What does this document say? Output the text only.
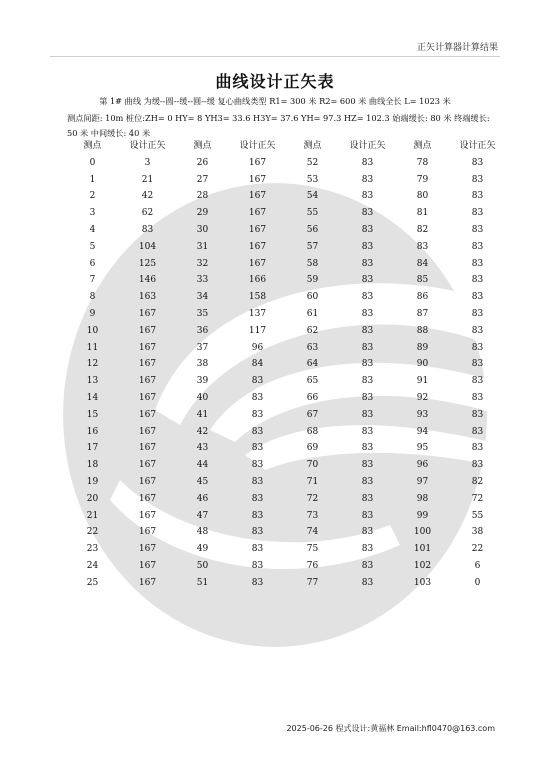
正矢计算器计算结果
曲线设计正矢表
第 1# 曲线 为缓--圆--缓--圆--缓 复心曲线类型 R1= 300 米 R2= 600 米 曲线全长 L= 1023 米
测点间距: 10m 桩位:ZH= 0 HY= 8 YH3= 33.6 H3Y= 37.6 YH= 97.3 HZ= 102.3 始端缓长: 80 米 终端缓长: 50 米 中间缓长: 40 米
测点	设计正矢	测点	设计正矢	测点	设计正矢	测点	设计正矢
0	3	26	167	52	83	78	83
1	21	27	167	53	83	79	83
2	42	28	167	54	83	80	83
3	62	29	167	55	83	81	83
4	83	30	167	56	83	82	83
5	104	31	167	57	83	83	83
6	125	32	167	58	83	84	83
7	146	33	166	59	83	85	83
8	163	34	158	60	83	86	83
9	167	35	137	61	83	87	83
10	167	36	117	62	83	88	83
11	167	37	96	63	83	89	83
12	167	38	84	64	83	90	83
13	167	39	83	65	83	91	83
14	167	40	83	66	83	92	83
15	167	41	83	67	83	93	83
16	167	42	83	68	83	94	83
17	167	43	83	69	83	95	83
18	167	44	83	70	83	96	83
19	167	45	83	71	83	97	82
20	167	46	83	72	83	98	72
21	167	47	83	73	83	99	55
22	167	48	83	74	83	100	38
23	167	49	83	75	83	101	22
24	167	50	83	76	83	102	6
25	167	51	83	77	83	103	0
2025-06-26 程式设计:黄福林 Email:hfl0470@163.com
